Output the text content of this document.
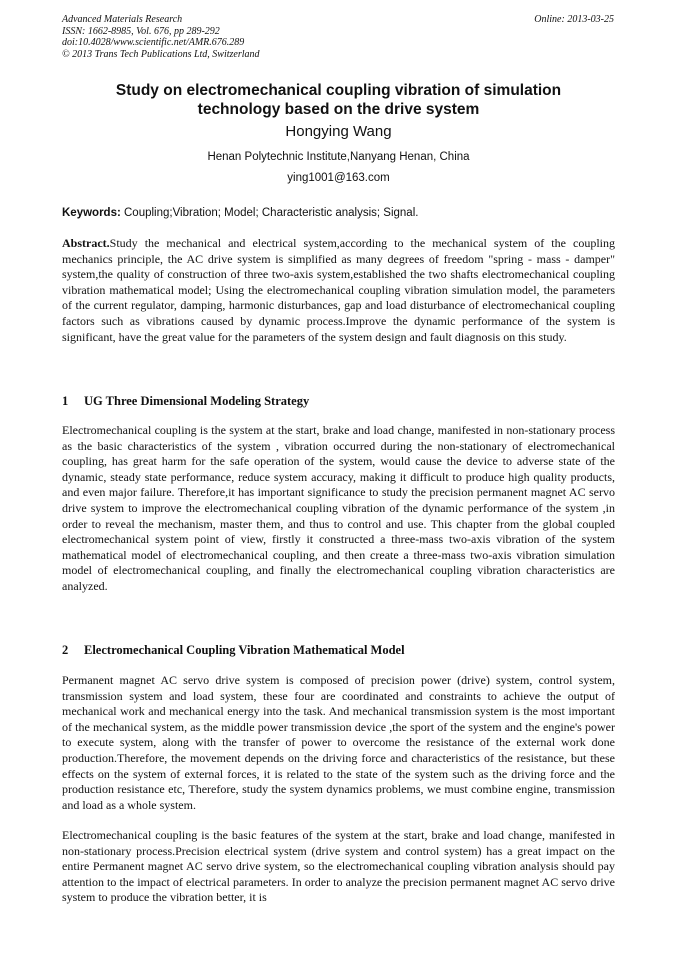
Advanced Materials Research
ISSN: 1662-8985, Vol. 676, pp 289-292
doi:10.4028/www.scientific.net/AMR.676.289
© 2013 Trans Tech Publications Ltd, Switzerland
Online: 2013-03-25
Study on electromechanical coupling vibration of simulation
technology based on the drive system
Hongying Wang
Henan Polytechnic Institute,Nanyang Henan, China
ying1001@163.com
Keywords: Coupling;Vibration; Model; Characteristic analysis; Signal.

Abstract.Study the mechanical and electrical system,according to the mechanical system of the coupling mechanics principle, the AC drive system is simplified as many degrees of freedom "spring - mass - damper" system,the quality of construction of three two-axis system,established the two shafts electromechanical coupling vibration mathematical model; Using the electromechanical coupling vibration simulation model, the parameters of the current regulator, damping, harmonic disturbances, gap and load disturbance of electromechanical coupling factors such as vibrations caused by dynamic process.Improve the dynamic performance of the system is significant, have the great value for the parameters of the system design and fault diagnosis on this study.

1 UG Three Dimensional Modeling Strategy

Electromechanical coupling is the system at the start, brake and load change, manifested in non-stationary process as the basic characteristics of the system , vibration occurred during the non-stationary of electromechanical coupling, has great harm for the safe operation of the system, would cause the device to adverse state of the dynamic, steady state performance, reduce system accuracy, making it difficult to produce high quality products, and even major failure. Therefore,it has important significance to study the precision permanent magnet AC servo drive system to improve the electromechanical coupling vibration of the dynamic performance of the system ,in order to reveal the mechanism, master them, and thus to control and use. This chapter from the global coupled electromechanical system point of view, firstly it constructed a three-mass two-axis vibration of the system mathematical model of electromechanical coupling, and then create a three-mass two-axis vibration simulation model of electromechanical coupling, and finally the electromechanical coupling vibration characteristics are analyzed.

2 Electromechanical Coupling Vibration Mathematical Model

Permanent magnet AC servo drive system is composed of precision power (drive) system, control system, transmission system and load system, these four are coordinated and constraints to achieve the output of mechanical work and mechanical energy into the task. And mechanical transmission system is the most important of the mechanical system, as the middle power transmission device ,the sport of the system and the engine's power to execute system, along with the transfer of power to overcome the resistance of the external work done production.Therefore, the movement depends on the driving force and characteristics of the resistance, but these effects on the system of external forces, it is related to the state of the system such as the driving force and the production resistance etc, Therefore, study the system dynamics problems, we must combine engine, transmission and load as a whole system.

Electromechanical coupling is the basic features of the system at the start, brake and load change, manifested in non-stationary process.Precision electrical system (drive system and control system) has a great impact on the entire Permanent magnet AC servo drive system, so the electromechanical coupling vibration analysis should pay attention to the impact of electrical parameters. In order to analyze the precision permanent magnet AC servo drive system to produce the vibration better, it is
